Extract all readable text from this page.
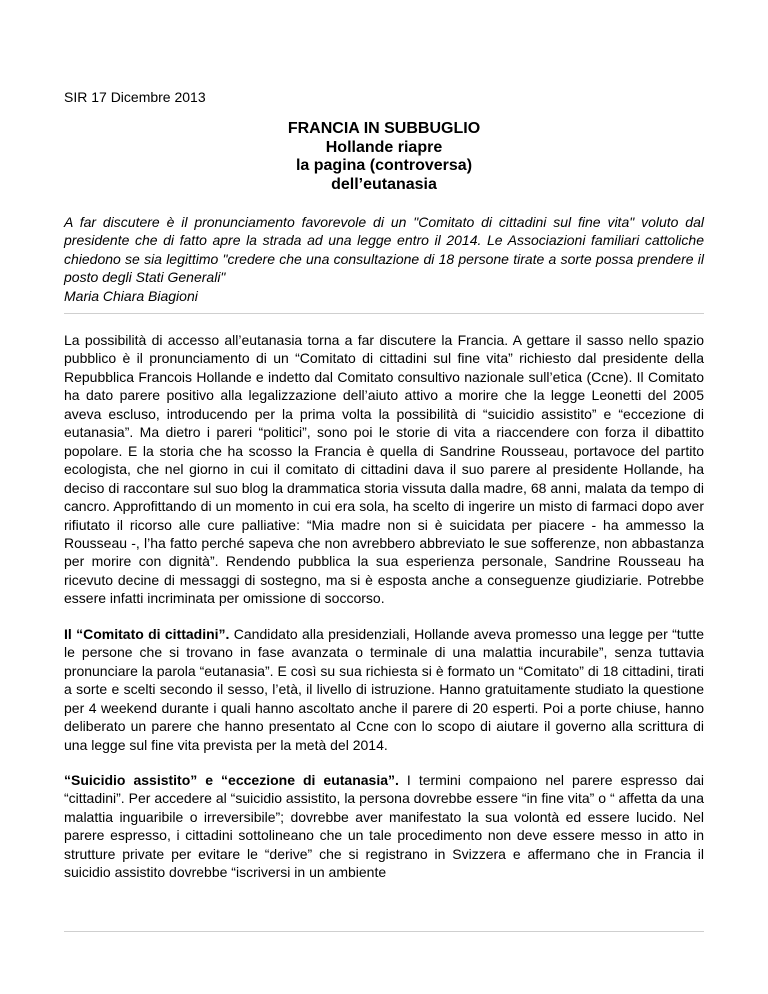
SIR 17 Dicembre 2013
FRANCIA IN SUBBUGLIO
Hollande riapre
la pagina (controversa)
dell’eutanasia

A far discutere è il pronunciamento favorevole di un "Comitato di cittadini sul fine vita" voluto dal presidente che di fatto apre la strada ad una legge entro il 2014. Le Associazioni familiari cattoliche chiedono se sia legittimo "credere che una consultazione di 18 persone tirate a sorte possa prendere il posto degli Stati Generali"

Maria Chiara Biagioni

La possibilità di accesso all’eutanasia torna a far discutere la Francia. A gettare il sasso nello spazio pubblico è il pronunciamento di un “Comitato di cittadini sul fine vita” richiesto dal presidente della Repubblica Francois Hollande e indetto dal Comitato consultivo nazionale sull’etica (Ccne). Il Comitato ha dato parere positivo alla legalizzazione dell’aiuto attivo a morire che la legge Leonetti del 2005 aveva escluso, introducendo per la prima volta la possibilità di “suicidio assistito” e “eccezione di eutanasia”. Ma dietro i pareri “politici”, sono poi le storie di vita a riaccendere con forza il dibattito popolare. E la storia che ha scosso la Francia è quella di Sandrine Rousseau, portavoce del partito ecologista, che nel giorno in cui il comitato di cittadini dava il suo parere al presidente Hollande, ha deciso di raccontare sul suo blog la drammatica storia vissuta dalla madre, 68 anni, malata da tempo di cancro. Approfittando di un momento in cui era sola, ha scelto di ingerire un misto di farmaci dopo aver rifiutato il ricorso alle cure palliative: “Mia madre non si è suicidata per piacere - ha ammesso la Rousseau -, l’ha fatto perché sapeva che non avrebbero abbreviato le sue sofferenze, non abbastanza per morire con dignità”. Rendendo pubblica la sua esperienza personale, Sandrine Rousseau ha ricevuto decine di messaggi di sostegno, ma si è esposta anche a conseguenze giudiziarie. Potrebbe essere infatti incriminata per omissione di soccorso.

Il “Comitato di cittadini”. Candidato alla presidenziali, Hollande aveva promesso una legge per “tutte le persone che si trovano in fase avanzata o terminale di una malattia incurabile”, senza tuttavia pronunciare la parola “eutanasia”. E così su sua richiesta si è formato un “Comitato” di 18 cittadini, tirati a sorte e scelti secondo il sesso, l’età, il livello di istruzione. Hanno gratuitamente studiato la questione per 4 weekend durante i quali hanno ascoltato anche il parere di 20 esperti. Poi a porte chiuse, hanno deliberato un parere che hanno presentato al Ccne con lo scopo di aiutare il governo alla scrittura di una legge sul fine vita prevista per la metà del 2014.

“Suicidio assistito” e “eccezione di eutanasia”. I termini compaiono nel parere espresso dai “cittadini”. Per accedere al “suicidio assistito, la persona dovrebbe essere “in fine vita” o “ affetta da una malattia inguaribile o irreversibile”; dovrebbe aver manifestato la sua volontà ed essere lucido. Nel parere espresso, i cittadini sottolineano che un tale procedimento non deve essere messo in atto in strutture private per evitare le “derive” che si registrano in Svizzera e affermano che in Francia il suicidio assistito dovrebbe “iscriversi in un ambiente
